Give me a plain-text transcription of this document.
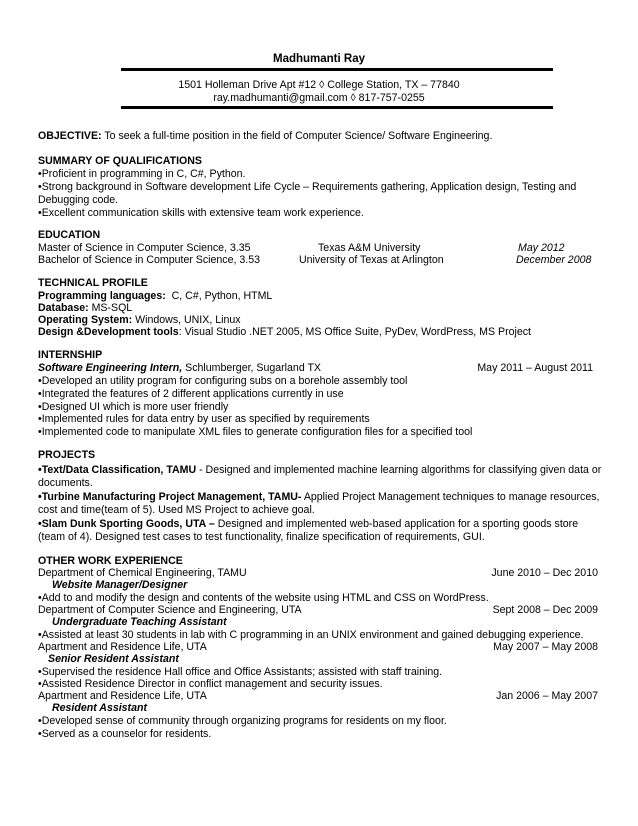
Madhumanti Ray
1501 Holleman Drive Apt #12 ◊ College Station, TX – 77840
ray.madhumanti@gmail.com ◊ 817-757-0255
OBJECTIVE: To seek a full-time position in the field of Computer Science/ Software Engineering.
SUMMARY OF QUALIFICATIONS
•Proficient in programming in C, C#, Python.
•Strong background in Software development Life Cycle – Requirements gathering, Application design, Testing and
Debugging code.
•Excellent communication skills with extensive team work experience.
EDUCATION
Master of Science in Computer Science, 3.35	Texas A&M University	May 2012
Bachelor of Science in Computer Science, 3.53	University of Texas at Arlington	December 2008
TECHNICAL PROFILE
Programming languages:  C, C#, Python, HTML
Database: MS-SQL
Operating System: Windows, UNIX, Linux
Design &Development tools: Visual Studio .NET 2005, MS Office Suite, PyDev, WordPress, MS Project
INTERNSHIP
Software Engineering Intern, Schlumberger, Sugarland TX	May 2011 – August 2011
•Developed an utility program for configuring subs on a borehole assembly tool
•Integrated the features of 2 different applications currently in use
•Designed UI which is more user friendly
•Implemented rules for data entry by user as specified by requirements
•Implemented code to manipulate XML files to generate configuration files for a specified tool
PROJECTS
•Text/Data Classification, TAMU - Designed and implemented machine learning algorithms for classifying given data or
documents.
•Turbine Manufacturing Project Management, TAMU- Applied Project Management techniques to manage resources,
cost and time(team of 5). Used MS Project to achieve goal.
•Slam Dunk Sporting Goods, UTA – Designed and implemented web-based application for a sporting goods store
(team of 4). Designed test cases to test functionality, finalize specification of requirements, GUI.
OTHER WORK EXPERIENCE
Department of Chemical Engineering, TAMU	June 2010 – Dec 2010
Website Manager/Designer
•Add to and modify the design and contents of the website using HTML and CSS on WordPress.
Department of Computer Science and Engineering, UTA	Sept 2008 – Dec 2009
Undergraduate Teaching Assistant
•Assisted at least 30 students in lab with C programming in an UNIX environment and gained debugging experience.
Apartment and Residence Life, UTA	May 2007 – May 2008
Senior Resident Assistant
•Supervised the residence Hall office and Office Assistants; assisted with staff training.
•Assisted Residence Director in conflict management and security issues.
Apartment and Residence Life, UTA	Jan 2006 – May 2007
Resident Assistant
•Developed sense of community through organizing programs for residents on my floor.
•Served as a counselor for residents.
